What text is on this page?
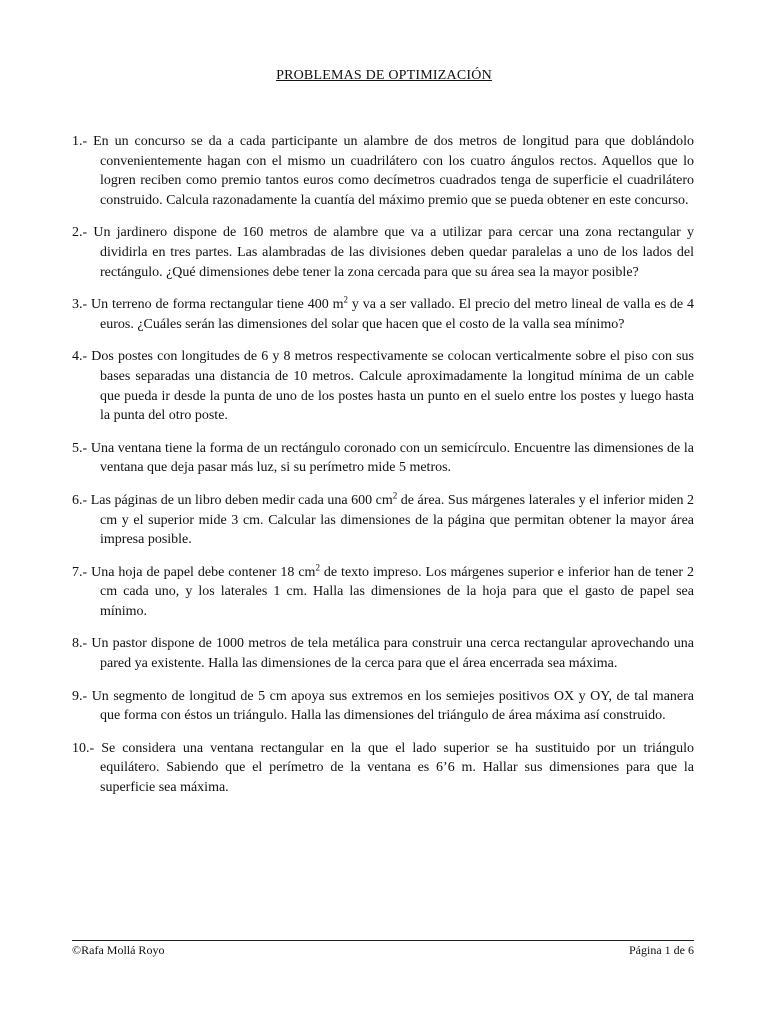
PROBLEMAS DE OPTIMIZACIÓN

1.- En un concurso se da a cada participante un alambre de dos metros de longitud para que doblándolo convenientemente hagan con el mismo un cuadrilátero con los cuatro ángulos rectos. Aquellos que lo logren reciben como premio tantos euros como decímetros cuadrados tenga de superficie el cuadrilátero construido. Calcula razonadamente la cuantía del máximo premio que se pueda obtener en este concurso.

2.- Un jardinero dispone de 160 metros de alambre que va a utilizar para cercar una zona rectangular y dividirla en tres partes. Las alambradas de las divisiones deben quedar paralelas a uno de los lados del rectángulo. ¿Qué dimensiones debe tener la zona cercada para que su área sea la mayor posible?

3.- Un terreno de forma rectangular tiene 400 $m^2$ y va a ser vallado. El precio del metro lineal de valla es de 4 euros. ¿Cuáles serán las dimensiones del solar que hacen que el costo de la valla sea mínimo?

4.- Dos postes con longitudes de 6 y 8 metros respectivamente se colocan verticalmente sobre el piso con sus bases separadas una distancia de 10 metros. Calcule aproximadamente la longitud mínima de un cable que pueda ir desde la punta de uno de los postes hasta un punto en el suelo entre los postes y luego hasta la punta del otro poste.

5.- Una ventana tiene la forma de un rectángulo coronado con un semicírculo. Encuentre las dimensiones de la ventana que deja pasar más luz, si su perímetro mide 5 metros.

6.- Las páginas de un libro deben medir cada una 600 $cm^2$ de área. Sus márgenes laterales y el inferior miden 2 cm y el superior mide 3 cm. Calcular las dimensiones de la página que permitan obtener la mayor área impresa posible.

7.- Una hoja de papel debe contener 18 $cm^2$ de texto impreso. Los márgenes superior e inferior han de tener 2 cm cada uno, y los laterales 1 cm. Halla las dimensiones de la hoja para que el gasto de papel sea mínimo.

8.- Un pastor dispone de 1000 metros de tela metálica para construir una cerca rectangular aprovechando una pared ya existente. Halla las dimensiones de la cerca para que el área encerrada sea máxima.

9.- Un segmento de longitud de 5 cm apoya sus extremos en los semiejes positivos OX y OY, de tal manera que forma con éstos un triángulo. Halla las dimensiones del triángulo de área máxima así construido.

10.- Se considera una ventana rectangular en la que el lado superior se ha sustituido por un triángulo equilátero. Sabiendo que el perímetro de la ventana es 6’6 m. Hallar sus dimensiones para que la superficie sea máxima.

©Rafa Mollá Royo	Página 1 de 6
